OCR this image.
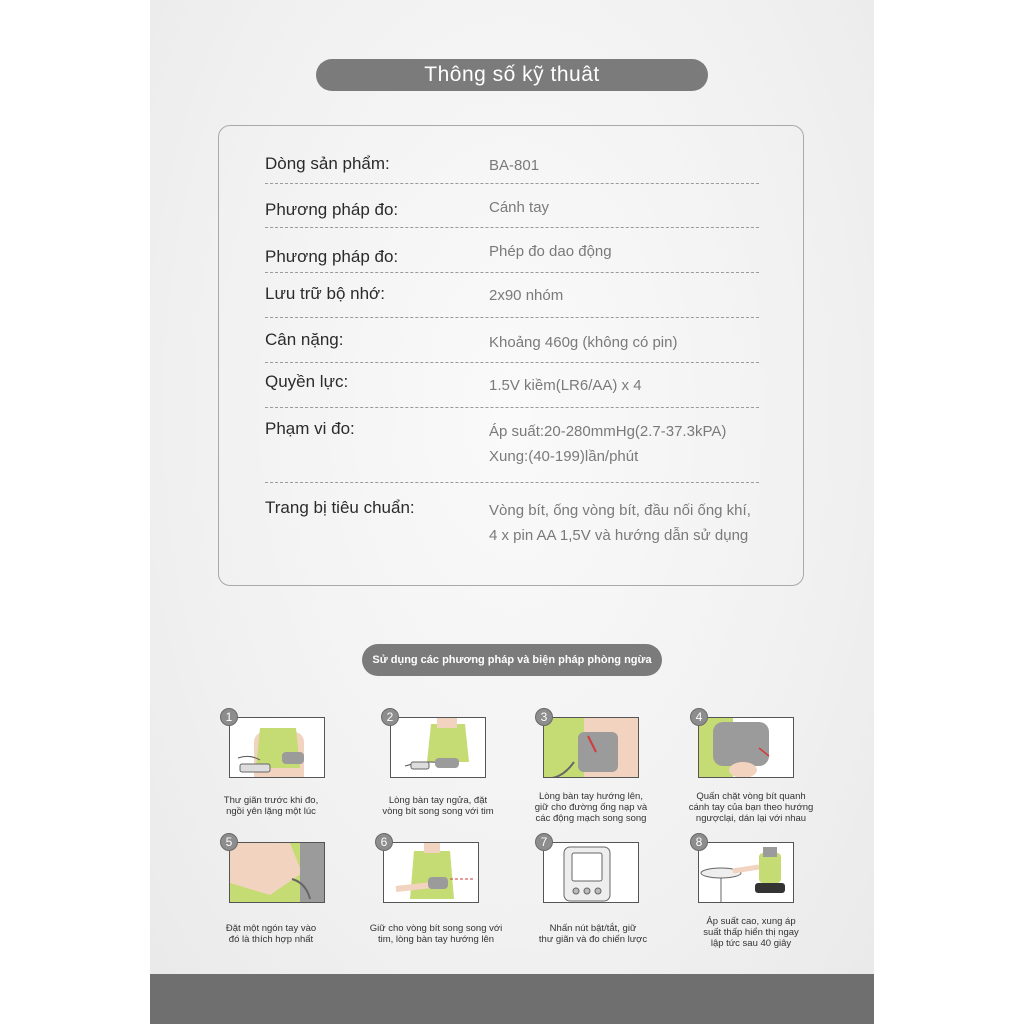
Thông số kỹ thuât
Dòng sản phẩm:	BA-801
Phương pháp đo:	Cánh tay
Phương pháp đo:	Phép đo dao động
Lưu trữ bộ nhớ:	2x90 nhóm
Cân nặng:	Khoảng 460g (không có pin)
Quyền lực:	1.5V kiềm(LR6/AA) x 4
Phạm vi đo:	Áp suất:20-280mmHg(2.7-37.3kPA)
Xung:(40-199)lần/phút
Trang bị tiêu chuẩn:	Vòng bít, ống vòng bít, đầu nối ống khí,
4 x pin AA 1,5V và hướng dẫn sử dụng
Sử dụng các phương pháp và biện pháp phòng ngừa
1
Thư giãn trước khi đo,
ngồi yên lặng một lúc
2
Lòng bàn tay ngửa, đặt
vòng bít song song với tim
3
Lòng bàn tay hướng lên,
giữ cho đường ống nạp và
các động mạch song song
4
Quấn chặt vòng bít quanh
cánh tay của bạn theo hướng
ngượclại, dán lại với nhau
5
Đặt một ngón tay vào
đó là thích hợp nhất
6
Giữ cho vòng bít song song với
tim, lòng bàn tay hướng lên
7
Nhấn nút bật/tắt, giữ
thư giãn và đo chiến lược
8
Áp suất cao, xung áp
suất thấp hiển thị ngay
lập tức sau 40 giây
